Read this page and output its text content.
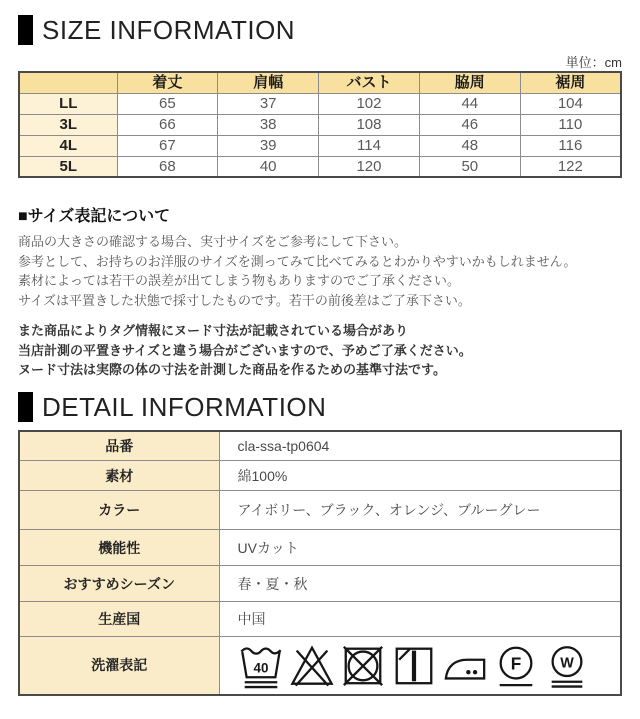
SIZE INFORMATION
単位：cm
	着丈	肩幅	バスト	脇周	裾周
LL	65	37	102	44	104
3L	66	38	108	46	110
4L	67	39	114	48	116
5L	68	40	120	50	122
■サイズ表記について
商品の大きさの確認する場合、実寸サイズをご参考にして下さい。
参考として、お持ちのお洋服のサイズを測ってみて比べてみるとわかりやすいかもしれません。
素材によっては若干の誤差が出てしまう物もありますのでご了承ください。
サイズは平置きした状態で採寸したものです。若干の前後差はご了承下さい。
また商品によりタグ情報にヌード寸法が記載されている場合があり
当店計測の平置きサイズと違う場合がございますので、予めご了承ください。
ヌード寸法は実際の体の寸法を計測した商品を作るための基準寸法です。
DETAIL INFORMATION
品番	cla-ssa-tp0604
素材	綿100%
カラー	アイボリー、ブラック、オレンジ、ブルーグレー
機能性	UVカット
おすすめシーズン	春・夏・秋
生産国	中国
洗濯表記	40 F W
